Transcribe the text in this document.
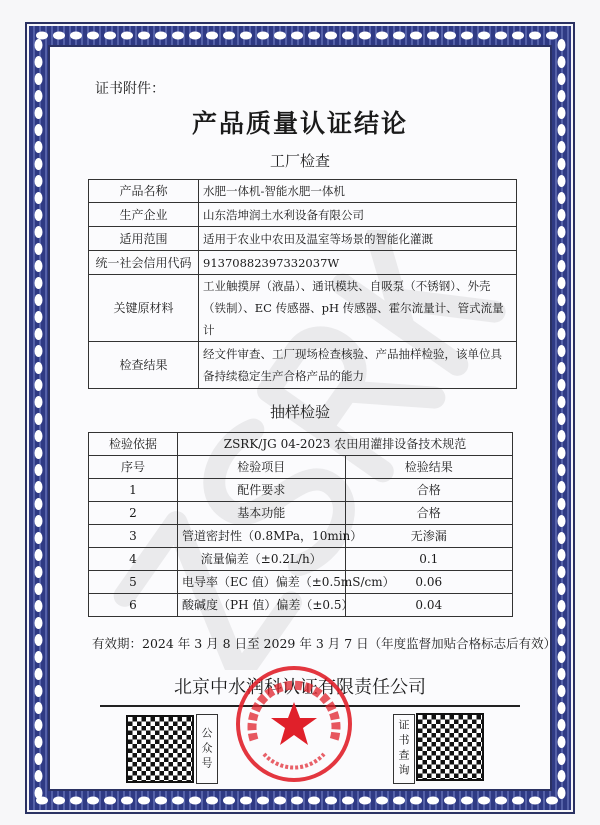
证书附件：
产品质量认证结论
工厂检查
产品名称	水肥一体机-智能水肥一体机
生产企业	山东浩坤润土水利设备有限公司
适用范围	适用于农业中农田及温室等场景的智能化灌溉
统一社会信用代码	91370882397332037W
关键原材料	工业触摸屏（液晶）、通讯模块、自吸泵（不锈钢）、外壳（铁制）、EC 传感器、pH 传感器、霍尔流量计、管式流量计
检查结果	经文件审查、工厂现场检查核验、产品抽样检验，该单位具备持续稳定生产合格产品的能力
抽样检验
检验依据	ZSRK/JG 04-2023 农田用灌排设备技术规范	
序号	检验项目	检验结果
1	配件要求	合格
2	基本功能	合格
3	管道密封性（0.8MPa，10min）	无渗漏
4	流量偏差（±0.2L/h）	0.1
5	电导率（EC 值）偏差（±0.5mS/cm）	0.06
6	酸碱度（PH 值）偏差（±0.5）	0.04
有效期：2024 年 3 月 8 日至 2029 年 3 月 7 日（年度监督加贴合格标志后有效）
北京中水润科认证有限责任公司
公众号	证书查询
